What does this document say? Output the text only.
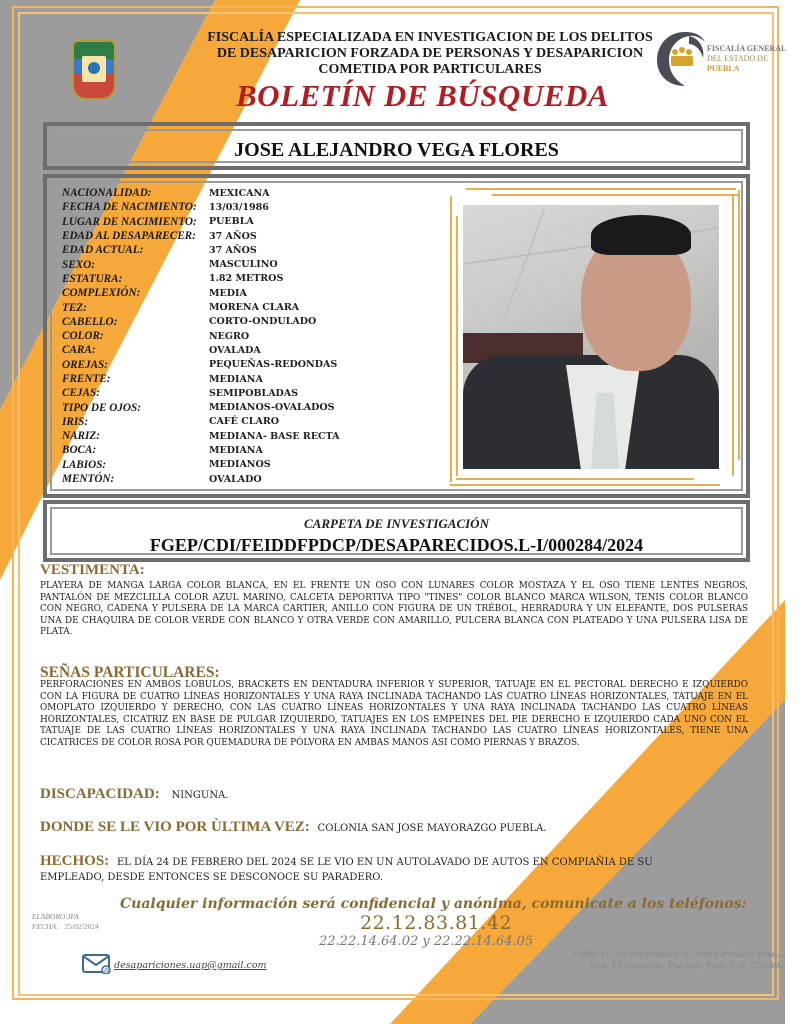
FISCALÍA ESPECIALIZADA EN INVESTIGACION DE LOS DELITOS
DE DESAPARICION FORZADA DE PERSONAS Y DESAPARICION
COMETIDA POR PARTICULARES
BOLETÍN DE BÚSQUEDA
FISCALÍA GENERAL
DEL ESTADO DE
PUEBLA
JOSE ALEJANDRO VEGA FLORES
NACIONALIDAD:	MEXICANA
FECHA DE NACIMIENTO:	13/03/1986
LUGAR DE NACIMIENTO:	PUEBLA
EDAD AL DESAPARECER:	37 AÑOS
EDAD ACTUAL:	37 AÑOS
SEXO:	MASCULINO
ESTATURA:	1.82 METROS
COMPLEXIÓN:	MEDIA
TEZ:	MORENA CLARA
CABELLO:	CORTO-ONDULADO
COLOR:	NEGRO
CARA:	OVALADA
OREJAS:	PEQUEÑAS-REDONDAS
FRENTE:	MEDIANA
CEJAS:	SEMIPOBLADAS
TIPO DE OJOS:	MEDIANOS-OVALADOS
IRIS:	CAFÉ CLARO
NARIZ:	MEDIANA- BASE RECTA
BOCA:	MEDIANA
LABIOS:	MEDIANOS
MENTÓN:	OVALADO
CARPETA DE INVESTIGACIÓN
FGEP/CDI/FEIDDFPDCP/DESAPARECIDOS.L-I/000284/2024
VESTIMENTA:
PLAYERA DE MANGA LARGA COLOR BLANCA, EN EL FRENTE UN OSO CON LUNARES COLOR MOSTAZA Y EL OSO TIENE LENTES NEGROS, PANTALÓN DE MEZCLILLA COLOR AZUL MARINO, CALCETA DEPORTIVA TIPO "TINES" COLOR BLANCO MARCA WILSON, TENIS COLOR BLANCO CON NEGRO, CADENA Y PULSERA DE LA MARCA CARTIER, ANILLO CON FIGURA DE UN TRÉBOL, HERRADURA Y UN ELEFANTE, DOS PULSERAS UNA DE CHAQUIRA DE COLOR VERDE CON BLANCO Y OTRA VERDE CON AMARILLO, PULCERA BLANCA CON PLATEADO Y UNA PULSERA LISA DE PLATA.
SEÑAS PARTICULARES:
PERFORACIONES EN AMBOS LOBULOS, BRACKETS EN DENTADURA INFERIOR Y SUPERIOR, TATUAJE EN EL PECTORAL DERECHO E IZQUIERDO CON LA FIGURA DE CUATRO LÍNEAS HORIZONTALES Y UNA RAYA INCLINADA TACHANDO LAS CUATRO LÍNEAS HORIZONTALES, TATUAJE EN EL OMOPLATO IZQUIERDO Y DERECHO, CON LAS CUATRO LÍNEAS HORIZONTALES Y UNA RAYA INCLINADA TACHANDO LAS CUATRO LÍNEAS HORIZONTALES, CICATRIZ EN BASE DE PULGAR IZQUIERDO, TATUAJES EN LOS EMPEINES DEL PIE DERECHO E IZQUIERDO CADA UNO CON EL TATUAJE DE LAS CUATRO LÍNEAS HORIZONTALES Y UNA RAYA INCLINADA TACHANDO LAS CUATRO LÍNEAS HORIZONTALES, TIENE UNA CICATRICES DE COLOR ROSA POR QUEMADURA DE PÓLVORA EN AMBAS MANOS ASI COMO PIERNAS Y BRAZOS.
DISCAPACIDAD: NINGUNA.
DONDE SE LE VIO POR ÙLTIMA VEZ: COLONIA SAN JOSE MAYORAZGO PUEBLA.
HECHOS: EL DÍA 24 DE FEBRERO DEL 2024 SE LE VIO EN UN AUTOLAVADO DE AUTOS EN COMPIAÑIA DE SU
EMPLEADO, DESDE ENTONCES SE DESCONOCE SU PARADERO.
Cualquier información será confidencial y anónima, comunicate a los teléfonos:
22.12.83.81.42
22.22.14.64.02 y 22.22.14.64.05
ELABORO:IFA
FECHA: 25/02/2024
@ desapariciones.uap@gmail.com
Calle 16 de septembre N°2904 Primer Piso,..
Col. El Carmen, Puebla, Pue. C.P. 72530..
